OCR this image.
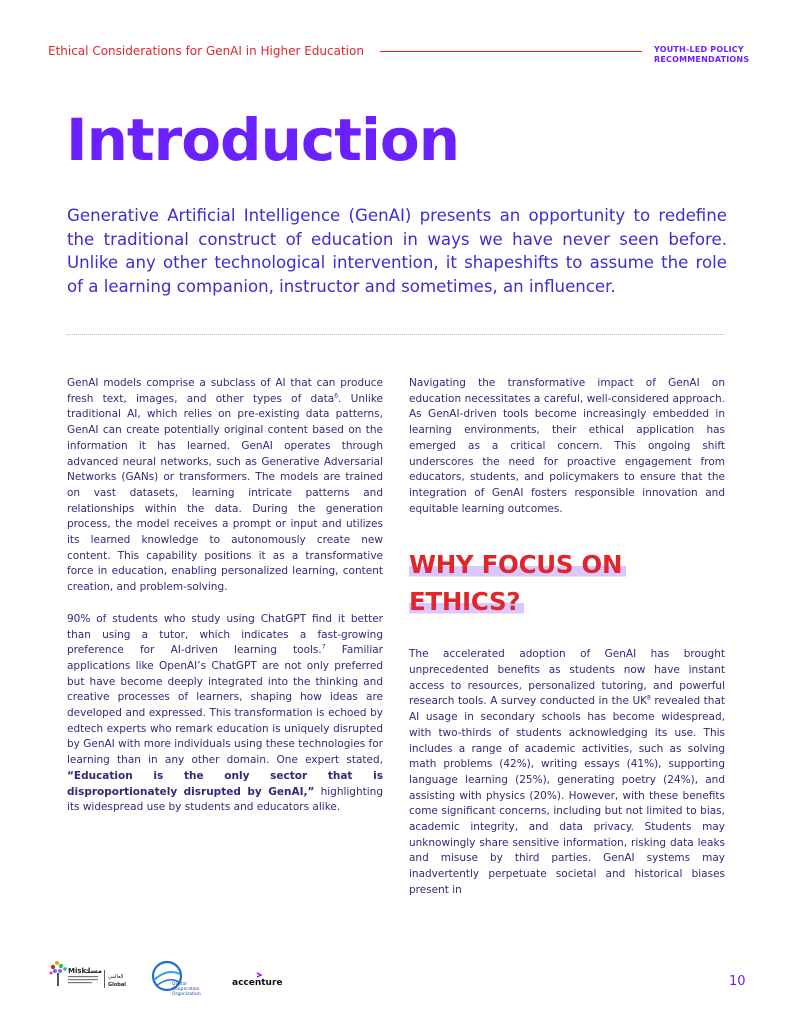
Ethical Considerations for GenAI in Higher Education	YOUTH-LED POLICY
RECOMMENDATIONS
Introduction

Generative Artificial Intelligence (GenAI) presents an opportunity to redefine the traditional construct of education in ways we have never seen before. Unlike any other technological intervention, it shapeshifts to assume the role of a learning companion, instructor and sometimes, an influencer.

GenAI models comprise a subclass of AI that can produce fresh text, images, and other types of data$^6$. Unlike traditional AI, which relies on pre-existing data patterns, GenAI can create potentially original content based on the information it has learned. GenAI operates through advanced neural networks, such as Generative Adversarial Networks (GANs) or transformers. The models are trained on vast datasets, learning intricate patterns and relationships within the data. During the generation process, the model receives a prompt or input and utilizes its learned knowledge to autonomously create new content. This capability positions it as a transformative force in education, enabling personalized learning, content creation, and problem-solving.

90% of students who study using ChatGPT find it better than using a tutor, which indicates a fast-growing preference for AI-driven learning tools.$^7$ Familiar applications like OpenAI’s ChatGPT are not only preferred but have become deeply integrated into the thinking and creative processes of learners, shaping how ideas are developed and expressed. This transformation is echoed by edtech experts who remark education is uniquely disrupted by GenAI with more individuals using these technologies for learning than in any other domain. One expert stated, “Education is the only sector that is disproportionately disrupted by GenAI,” highlighting its widespread use by students and educators alike.

Navigating the transformative impact of GenAI on education necessitates a careful, well-considered approach. As GenAI-driven tools become increasingly embedded in learning environments, their ethical application has emerged as a critical concern. This ongoing shift underscores the need for proactive engagement from educators, students, and policymakers to ensure that the integration of GenAI fosters responsible innovation and equitable learning outcomes.

WHY FOCUS ON
ETHICS?

The accelerated adoption of GenAI has brought unprecedented benefits as students now have instant access to resources, personalized tutoring, and powerful research tools. A survey conducted in the $UK^8$ revealed that AI usage in secondary schools has become widespread, with two-thirds of students acknowledging its use. This includes a range of academic activities, such as solving math problems (42%), writing essays (41%), supporting language learning (25%), generating poetry (24%), and assisting with physics (20%). However, with these benefits come significant concerns, including but not limited to bias, academic integrity, and data privacy. Students may unknowingly share sensitive information, risking data leaks and misuse by third parties. GenAI systems may inadvertently perpetuate societal and historical biases present in

Misk
مسك
العالمي
Global	Digital
Cooperation
Organization
accenture	10
